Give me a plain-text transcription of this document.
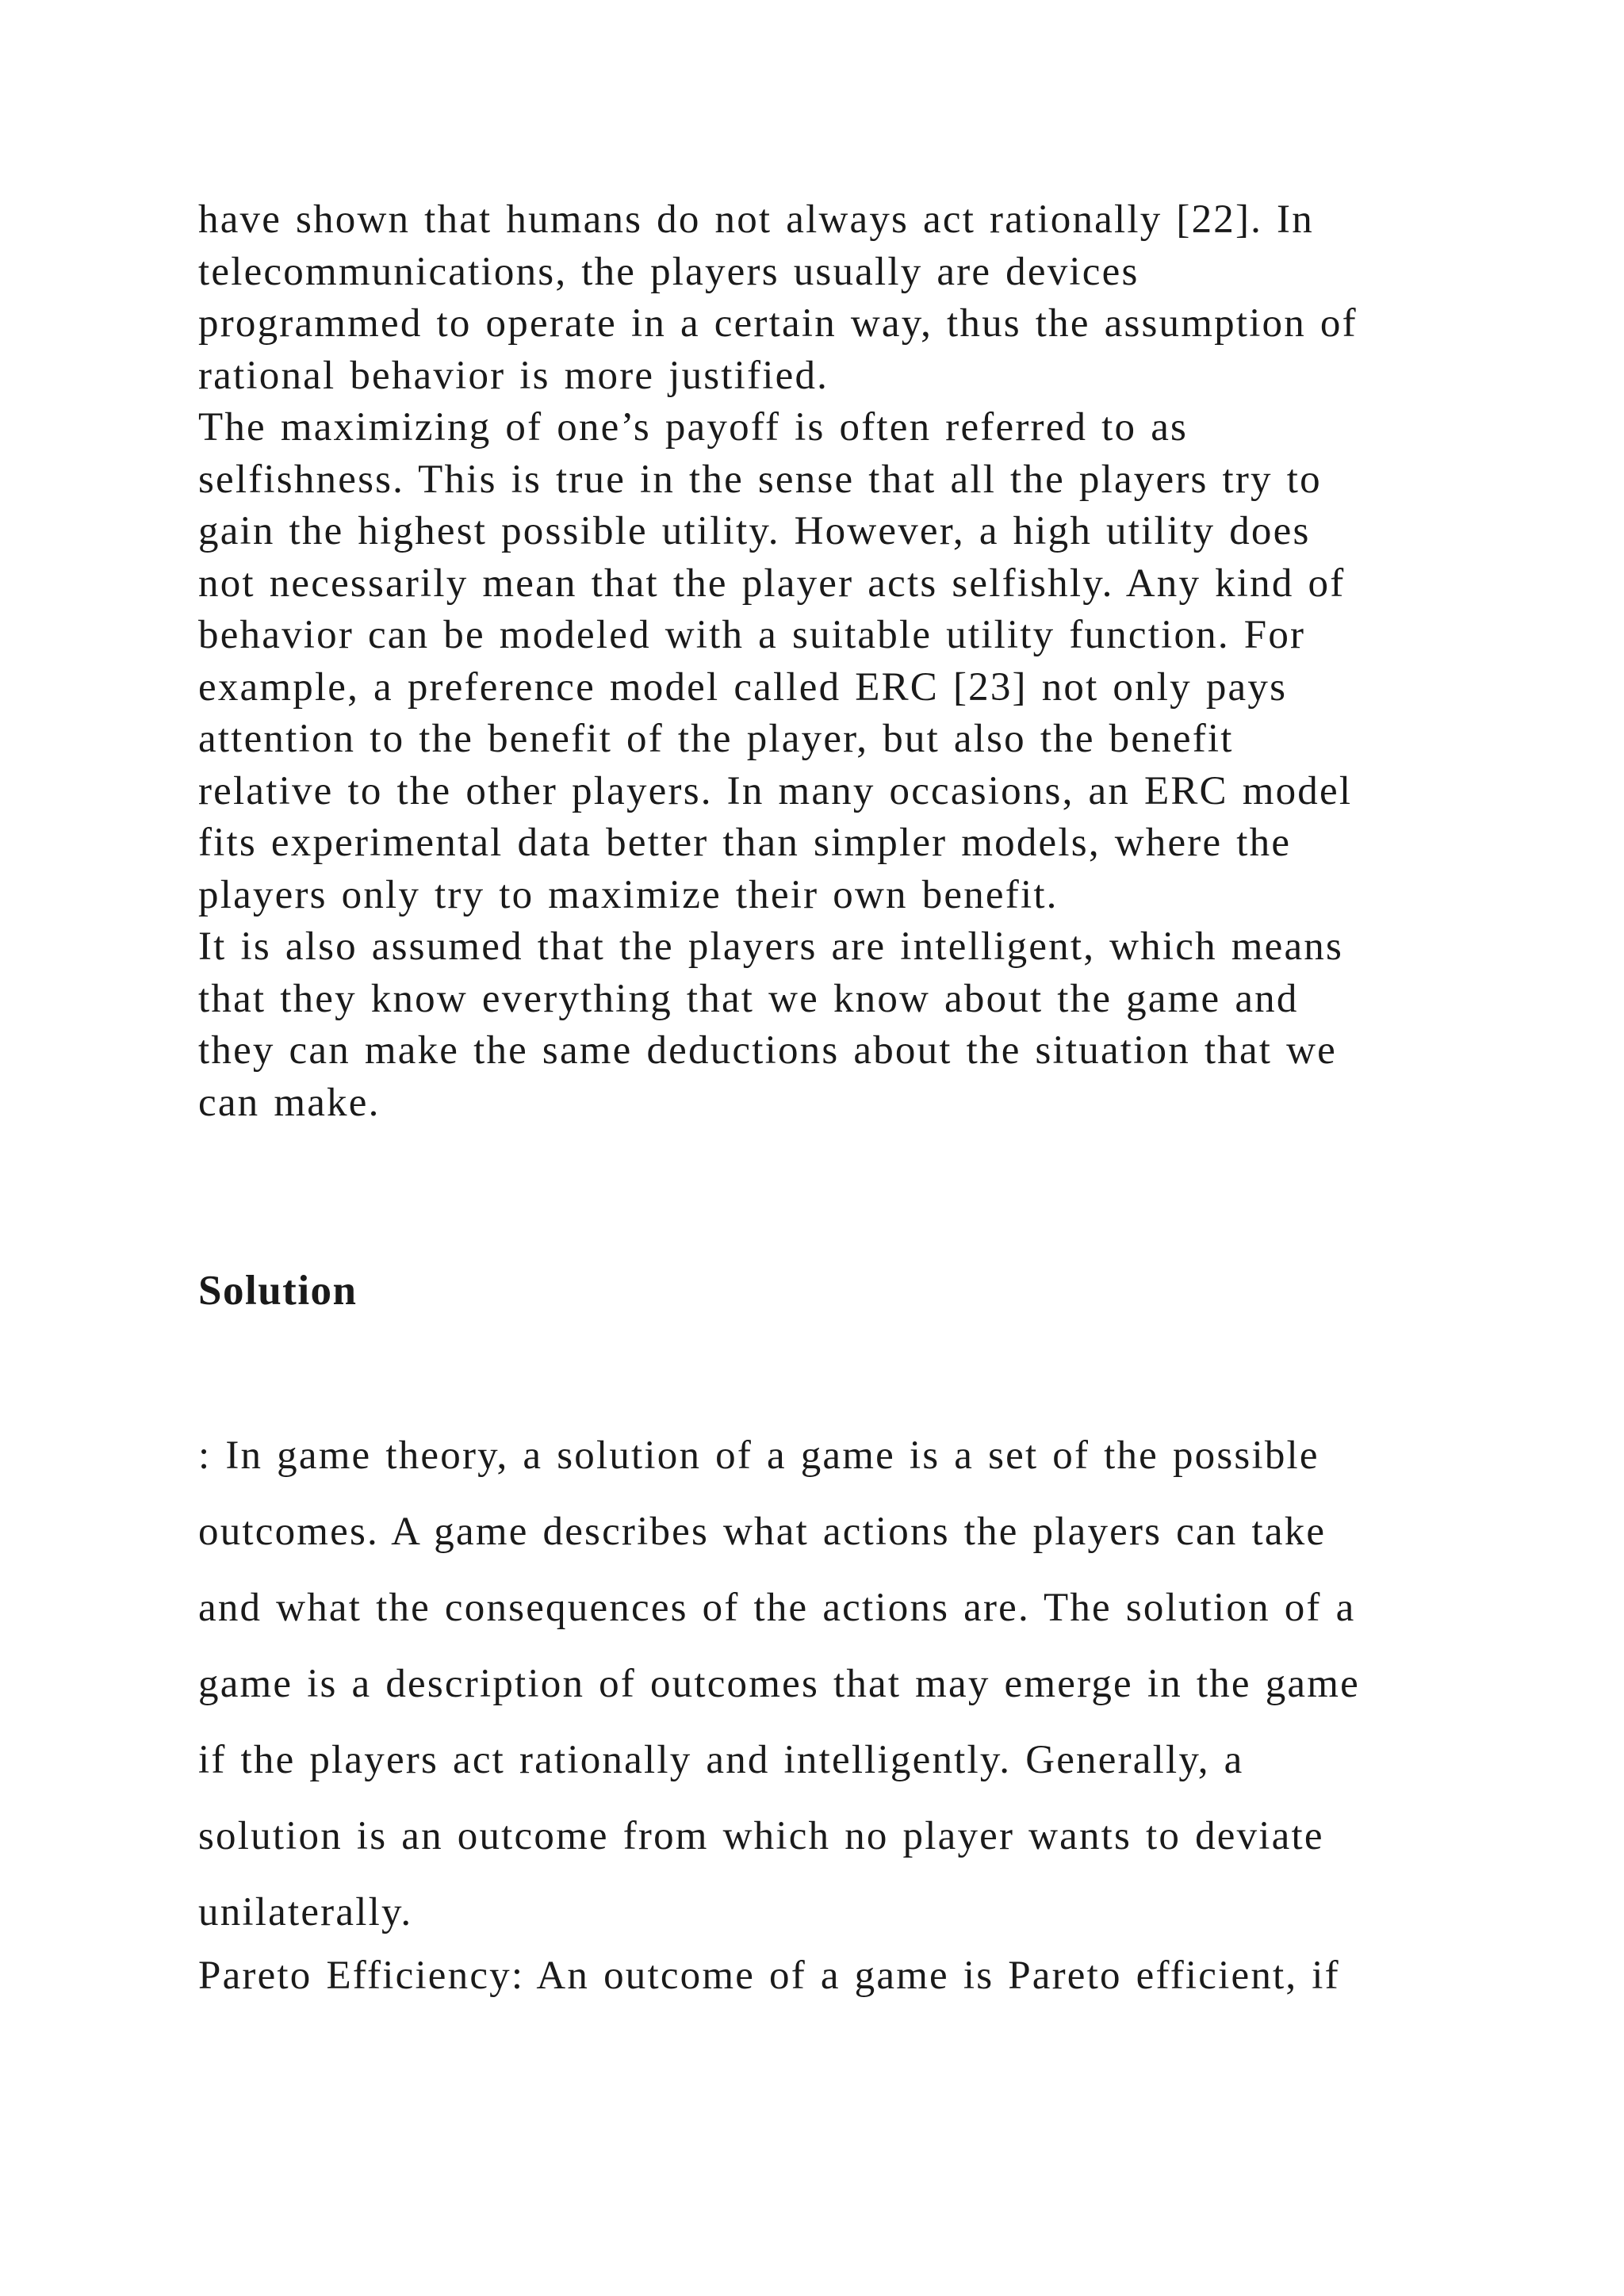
have shown that humans do not always act rationally [22]. In
telecommunications, the players usually are devices
programmed to operate in a certain way, thus the assumption of
rational behavior is more justified.
The maximizing of one’s payoff is often referred to as
selfishness. This is true in the sense that all the players try to
gain the highest possible utility. However, a high utility does
not necessarily mean that the player acts selfishly. Any kind of
behavior can be modeled with a suitable utility function. For
example, a preference model called ERC [23] not only pays
attention to the benefit of the player, but also the benefit
relative to the other players. In many occasions, an ERC model
fits experimental data better than simpler models, where the
players only try to maximize their own benefit.
It is also assumed that the players are intelligent, which means
that they know everything that we know about the game and
they can make the same deductions about the situation that we
can make.
Solution
: In game theory, a solution of a game is a set of the possible
outcomes. A game describes what actions the players can take
and what the consequences of the actions are. The solution of a
game is a description of outcomes that may emerge in the game
if the players act rationally and intelligently. Generally, a
solution is an outcome from which no player wants to deviate
unilaterally.
Pareto Efficiency: An outcome of a game is Pareto efficient, if
